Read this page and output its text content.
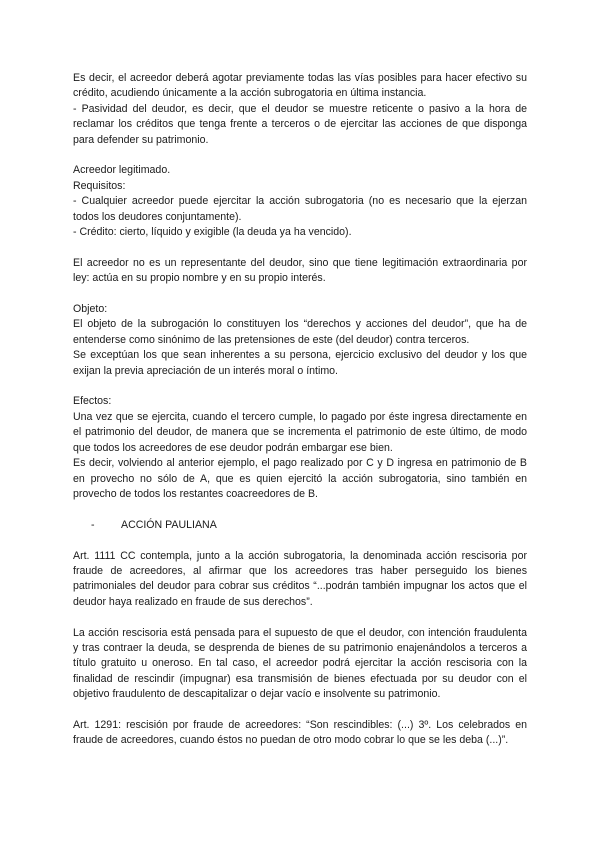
Es decir, el acreedor deberá agotar previamente todas las vías posibles para hacer efectivo su crédito, acudiendo únicamente a la acción subrogatoria en última instancia.
- Pasividad del deudor, es decir, que el deudor se muestre reticente o pasivo a la hora de reclamar los créditos que tenga frente a terceros o de ejercitar las acciones de que disponga para defender su patrimonio.

Acreedor legitimado.
Requisitos:
- Cualquier acreedor puede ejercitar la acción subrogatoria (no es necesario que la ejerzan todos los deudores conjuntamente).
- Crédito: cierto, líquido y exigible (la deuda ya ha vencido).

El acreedor no es un representante del deudor, sino que tiene legitimación extraordinaria por ley: actúa en su propio nombre y en su propio interés.

Objeto:
El objeto de la subrogación lo constituyen los “derechos y acciones del deudor”, que ha de entenderse como sinónimo de las pretensiones de este (del deudor) contra terceros.
Se exceptúan los que sean inherentes a su persona, ejercicio exclusivo del deudor y los que exijan la previa apreciación de un interés moral o íntimo.

Efectos:
Una vez que se ejercita, cuando el tercero cumple, lo pagado por éste ingresa directamente en el patrimonio del deudor, de manera que se incrementa el patrimonio de este último, de modo que todos los acreedores de ese deudor podrán embargar ese bien.
Es decir, volviendo al anterior ejemplo, el pago realizado por C y D ingresa en patrimonio de B en provecho no sólo de A, que es quien ejercitó la acción subrogatoria, sino también en provecho de todos los restantes coacreedores de B.

- ACCIÓN PAULIANA

Art. 1111 CC contempla, junto a la acción subrogatoria, la denominada acción rescisoria por fraude de acreedores, al afirmar que los acreedores tras haber perseguido los bienes patrimoniales del deudor para cobrar sus créditos “...podrán también impugnar los actos que el deudor haya realizado en fraude de sus derechos”.

La acción rescisoria está pensada para el supuesto de que el deudor, con intención fraudulenta y tras contraer la deuda, se desprenda de bienes de su patrimonio enajenándolos a terceros a título gratuito u oneroso. En tal caso, el acreedor podrá ejercitar la acción rescisoria con la finalidad de rescindir (impugnar) esa transmisión de bienes efectuada por su deudor con el objetivo fraudulento de descapitalizar o dejar vacío e insolvente su patrimonio.

Art. 1291: rescisión por fraude de acreedores: “Son rescindibles: (...) 3º. Los celebrados en fraude de acreedores, cuando éstos no puedan de otro modo cobrar lo que se les deba (...)”.
